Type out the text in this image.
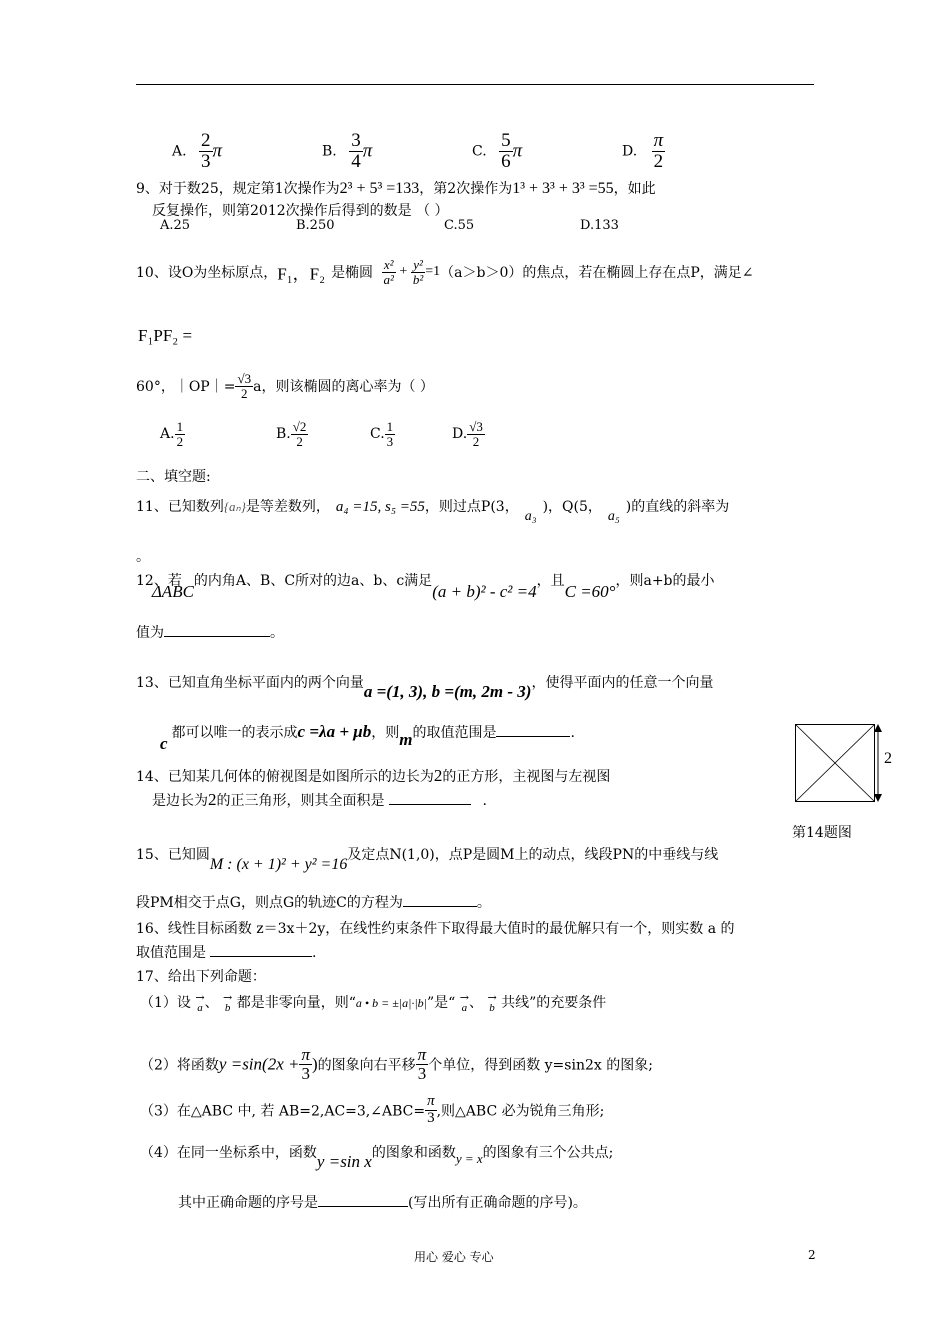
A. $\frac{2}{3}$ π	B. $\frac{3}{4}$ π	C. $\frac{5}{6}$ π	D. $\frac{\pi}{2}$
9、对于数25，规定第1次操作为2³ + 5³ =133，第2次操作为1³ + 3³ + 3³ =55，如此
反复操作，则第2012次操作后得到的数是 （ ）
A.25	B.250	C.55	D.133
10、设O为坐标原点，F₁，F₂ 是椭圆 $\frac{\text{x²}}{\text{a²}} + \frac{\text{y²}}{\text{b²}} =1(a>b>0)$的焦点，若在椭圆上存在点P，满足∠
F₁PF₂ =
60°，｜OP｜= $\frac{√3}{2}$ a，则该椭圆的离心率为（ ）
A. $\frac{1}{2}$	B. $\frac{√2}{2}$	C. $\frac{1}{3}$	D. $\frac{√3}{2}$
二、填空题:
11、已知数列{aₙ}是等差数列， a₄ =15, s₅ =55，则过点P(3，a₃)，Q(5，a₅)的直线的斜率为
。
12、若ΔABC的内角A、B、C所对的边a、b、c满足(a + b)² - c² =4，且C =60°，则a+b的最小
值为	。
13、已知直角坐标平面内的两个向量a =(1, 3), b =(m, 2m - 3)，使得平面内的任意一个向量
c都可以唯一的表示成c =λa + μb，则m的取值范围是	.
14、已知某几何体的俯视图是如图所示的边长为2的正方形，主视图与左视图
是边长为2的正三角形，则其全面积是	.
2
第14题图
15、已知圆M : (x + 1)² + y² =16及定点N(1,0)，点P是圆M上的动点，线段PN的中垂线与线
段PM相交于点G，则点G的轨迹C的方程为	。
16、线性目标函数 z＝3x＋2y，在线性约束条件下取得最大值时的最优解只有一个，则实数 a 的
取值范围是	.
17、给出下列命题：
（1）设 →
a 、 →
b 都是非零向量，则“a • b = ±|a|·|b|”是“ →
a 、 →
b 共线”的充要条件
（2）将函数$y =\sin(2x + \frac{\pi}{3}$ )的图象向右平移 $\frac{\pi}{3}$ 个单位，得到函数 y=sin2x 的图象;
（3）在△ABC 中, 若 AB=2,AC=3,∠ABC= $\frac{\pi}{3}$ ,则△ABC 必为锐角三角形;
（4）在同一坐标系中，函数y =sin x的图象和函数y = x的图象有三个公共点;
其中正确命题的序号是	(写出所有正确命题的序号)。
用心 爱心 专心	2
